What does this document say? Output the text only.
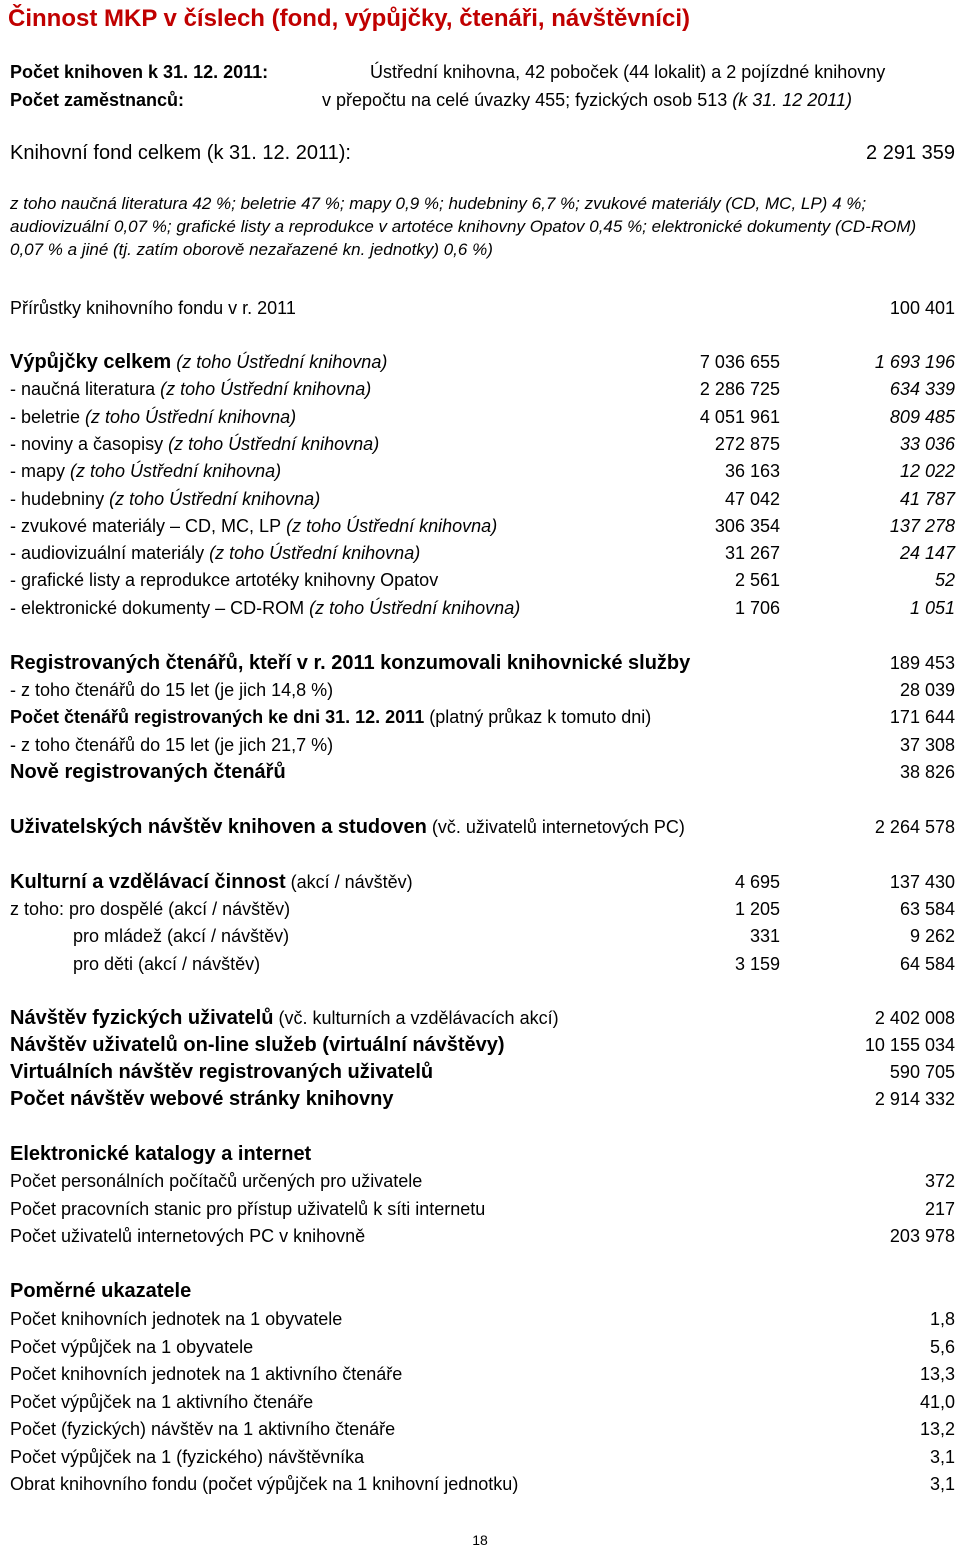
Činnost MKP v číslech (fond, výpůjčky, čtenáři, návštěvníci)
Počet knihoven k 31. 12. 2011:	Ústřední knihovna, 42 poboček (44 lokalit) a 2 pojízdné knihovny
Počet zaměstnanců:	v přepočtu na celé úvazky 455; fyzických osob 513 (k 31. 12 2011)
Knihovní fond celkem (k 31. 12. 2011):	2 291 359
z toho naučná literatura 42 %; beletrie 47 %; mapy 0,9 %; hudebniny 6,7 %; zvukové materiály (CD, MC, LP) 4 %; audiovizuální 0,07 %; grafické listy a reprodukce v artotéce knihovny Opatov 0,45 %; elektronické dokumenty (CD-ROM) 0,07 % a jiné (tj. zatím oborově nezařazené kn. jednotky) 0,6 %)
Přírůstky knihovního fondu v r. 2011	100 401
Výpůjčky celkem (z toho Ústřední knihovna)	7 036 655	1 693 196
- naučná literatura (z toho Ústřední knihovna)	2 286 725	634 339
- beletrie (z toho Ústřední knihovna)	4 051 961	809 485
- noviny a časopisy (z toho Ústřední knihovna)	272 875	33 036
- mapy (z toho Ústřední knihovna)	36 163	12 022
- hudebniny (z toho Ústřední knihovna)	47 042	41 787
- zvukové materiály – CD, MC, LP (z toho Ústřední knihovna)	306 354	137 278
- audiovizuální materiály (z toho Ústřední knihovna)	31 267	24 147
- grafické listy a reprodukce artotéky knihovny Opatov	2 561	52
- elektronické dokumenty – CD-ROM (z toho Ústřední knihovna)	1 706	1 051
Registrovaných čtenářů, kteří v r. 2011 konzumovali knihovnické služby	189 453
- z toho čtenářů do 15 let (je jich 14,8 %)	28 039
Počet čtenářů registrovaných ke dni 31. 12. 2011 (platný průkaz k tomuto dni)	171 644
- z toho čtenářů do 15 let (je jich 21,7 %)	37 308
Nově registrovaných čtenářů	38 826
Uživatelských návštěv knihoven a studoven (vč. uživatelů internetových PC)	2 264 578
Kulturní a vzdělávací činnost (akcí / návštěv)	4 695	137 430
z toho: pro dospělé (akcí / návštěv)	1 205	63 584
pro mládež (akcí / návštěv)	331	9 262
pro děti (akcí / návštěv)	3 159	64 584
Návštěv fyzických uživatelů (vč. kulturních a vzdělávacích akcí)	2 402 008
Návštěv uživatelů on-line služeb (virtuální návštěvy)	10 155 034
Virtuálních návštěv registrovaných uživatelů	590 705
Počet návštěv webové stránky knihovny	2 914 332
Elektronické katalogy a internet
Počet personálních počítačů určených pro uživatele	372
Počet pracovních stanic pro přístup uživatelů k síti internetu	217
Počet uživatelů internetových PC v knihovně	203 978
Poměrné ukazatele
Počet knihovních jednotek na 1 obyvatele	1,8
Počet výpůjček na 1 obyvatele	5,6
Počet knihovních jednotek na 1 aktivního čtenáře	13,3
Počet výpůjček na 1 aktivního čtenáře	41,0
Počet (fyzických) návštěv na 1 aktivního čtenáře	13,2
Počet výpůjček na 1 (fyzického) návštěvníka	3,1
Obrat knihovního fondu (počet výpůjček na 1 knihovní jednotku)	3,1
18
